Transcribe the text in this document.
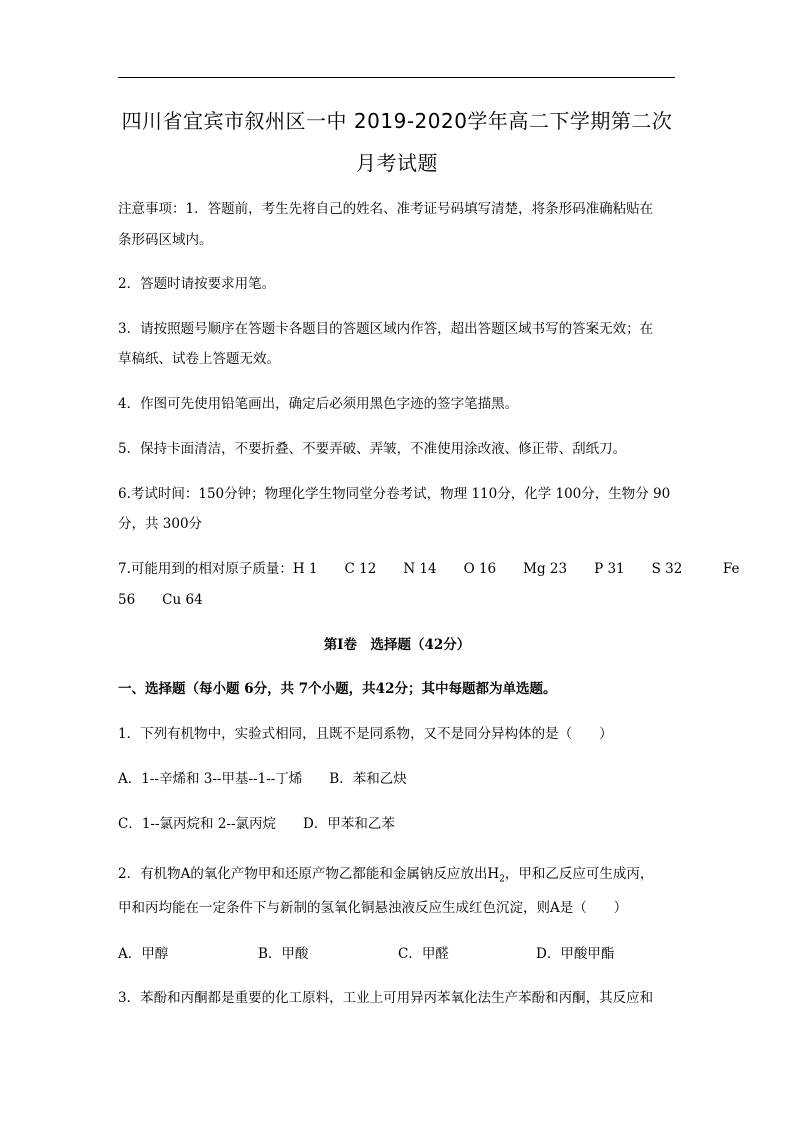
四川省宜宾市叙州区一中 2019-2020学年高二下学期第二次
月考试题
注意事项：1．答题前，考生先将自己的姓名、准考证号码填写清楚，将条形码准确粘贴在
条形码区域内。
2．答题时请按要求用笔。
3．请按照题号顺序在答题卡各题目的答题区域内作答，超出答题区域书写的答案无效；在
草稿纸、试卷上答题无效。
4．作图可先使用铅笔画出，确定后必须用黑色字迹的签字笔描黑。
5．保持卡面清洁，不要折叠、不要弄破、弄皱，不准使用涂改液、修正带、刮纸刀。
6.考试时间：150分钟；物理化学生物同堂分卷考试，物理 110分，化学 100分，生物分 90
分，共 300分
7.可能用到的相对原子质量：H 1　　C 12　　N 14　　O 16　　Mg 23　　P 31　　S 32　　　Fe
56　　Cu 64
第Ⅰ卷　选择题（42分）
一、选择题（每小题 6分，共 7个小题，共42分；其中每题都为单选题。
1．下列有机物中，实验式相同，且既不是同系物，又不是同分异构体的是（　　）
A．1--辛烯和 3--甲基--1--丁烯　　B．苯和乙炔
C．1--氯丙烷和 2--氯丙烷　　D．甲苯和乙苯
2．有机物A的氧化产物甲和还原产物乙都能和金属钠反应放出$H_2$，甲和乙反应可生成丙，
甲和丙均能在一定条件下与新制的氢氧化铜悬浊液反应生成红色沉淀，则A是（　　）
A．甲醇	B．甲酸	C．甲醛	D．甲酸甲酯
3．苯酚和丙酮都是重要的化工原料，工业上可用异丙苯氧化法生产苯酚和丙酮，其反应和
